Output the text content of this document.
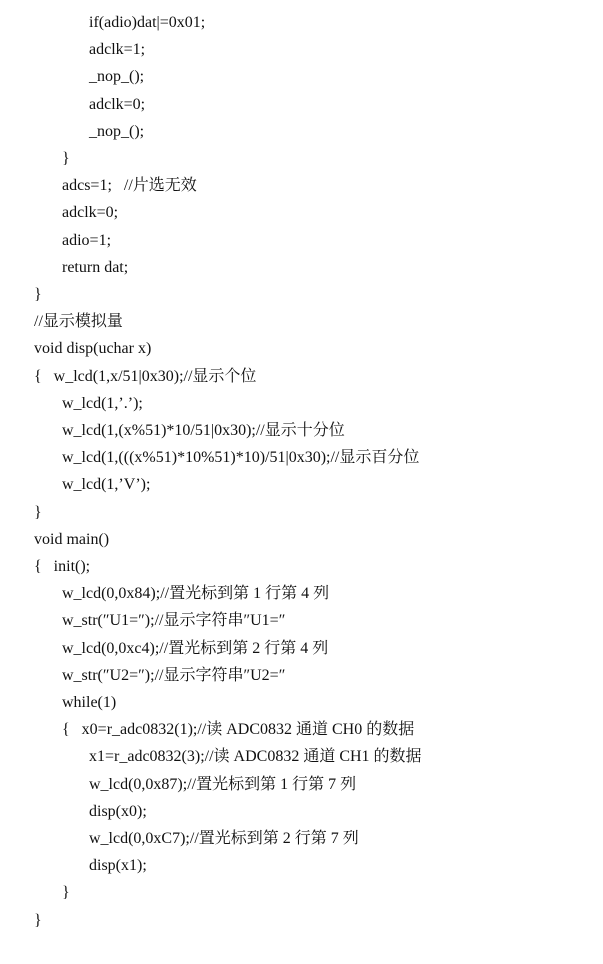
if(adio)dat|=0x01;
adclk=1;
_nop_();
adclk=0;
_nop_();
}
adcs=1;   //片选无效
adclk=0;
adio=1;
return dat;
}
//显示模拟量
void disp(uchar x)
{   w_lcd(1,x/51|0x30);//显示个位
w_lcd(1,’.’);
w_lcd(1,(x%51)*10/51|0x30);//显示十分位
w_lcd(1,(((x%51)*10%51)*10)/51|0x30);//显示百分位
w_lcd(1,’V’);
}
void main()
{   init();
w_lcd(0,0x84);//置光标到第 1 行第 4 列
w_str(″U1=″);//显示字符串″U1=″
w_lcd(0,0xc4);//置光标到第 2 行第 4 列
w_str(″U2=″);//显示字符串″U2=″
while(1)
{   x0=r_adc0832(1);//读 ADC0832 通道 CH0 的数据
x1=r_adc0832(3);//读 ADC0832 通道 CH1 的数据
w_lcd(0,0x87);//置光标到第 1 行第 7 列
disp(x0);
w_lcd(0,0xC7);//置光标到第 2 行第 7 列
disp(x1);
}
}
